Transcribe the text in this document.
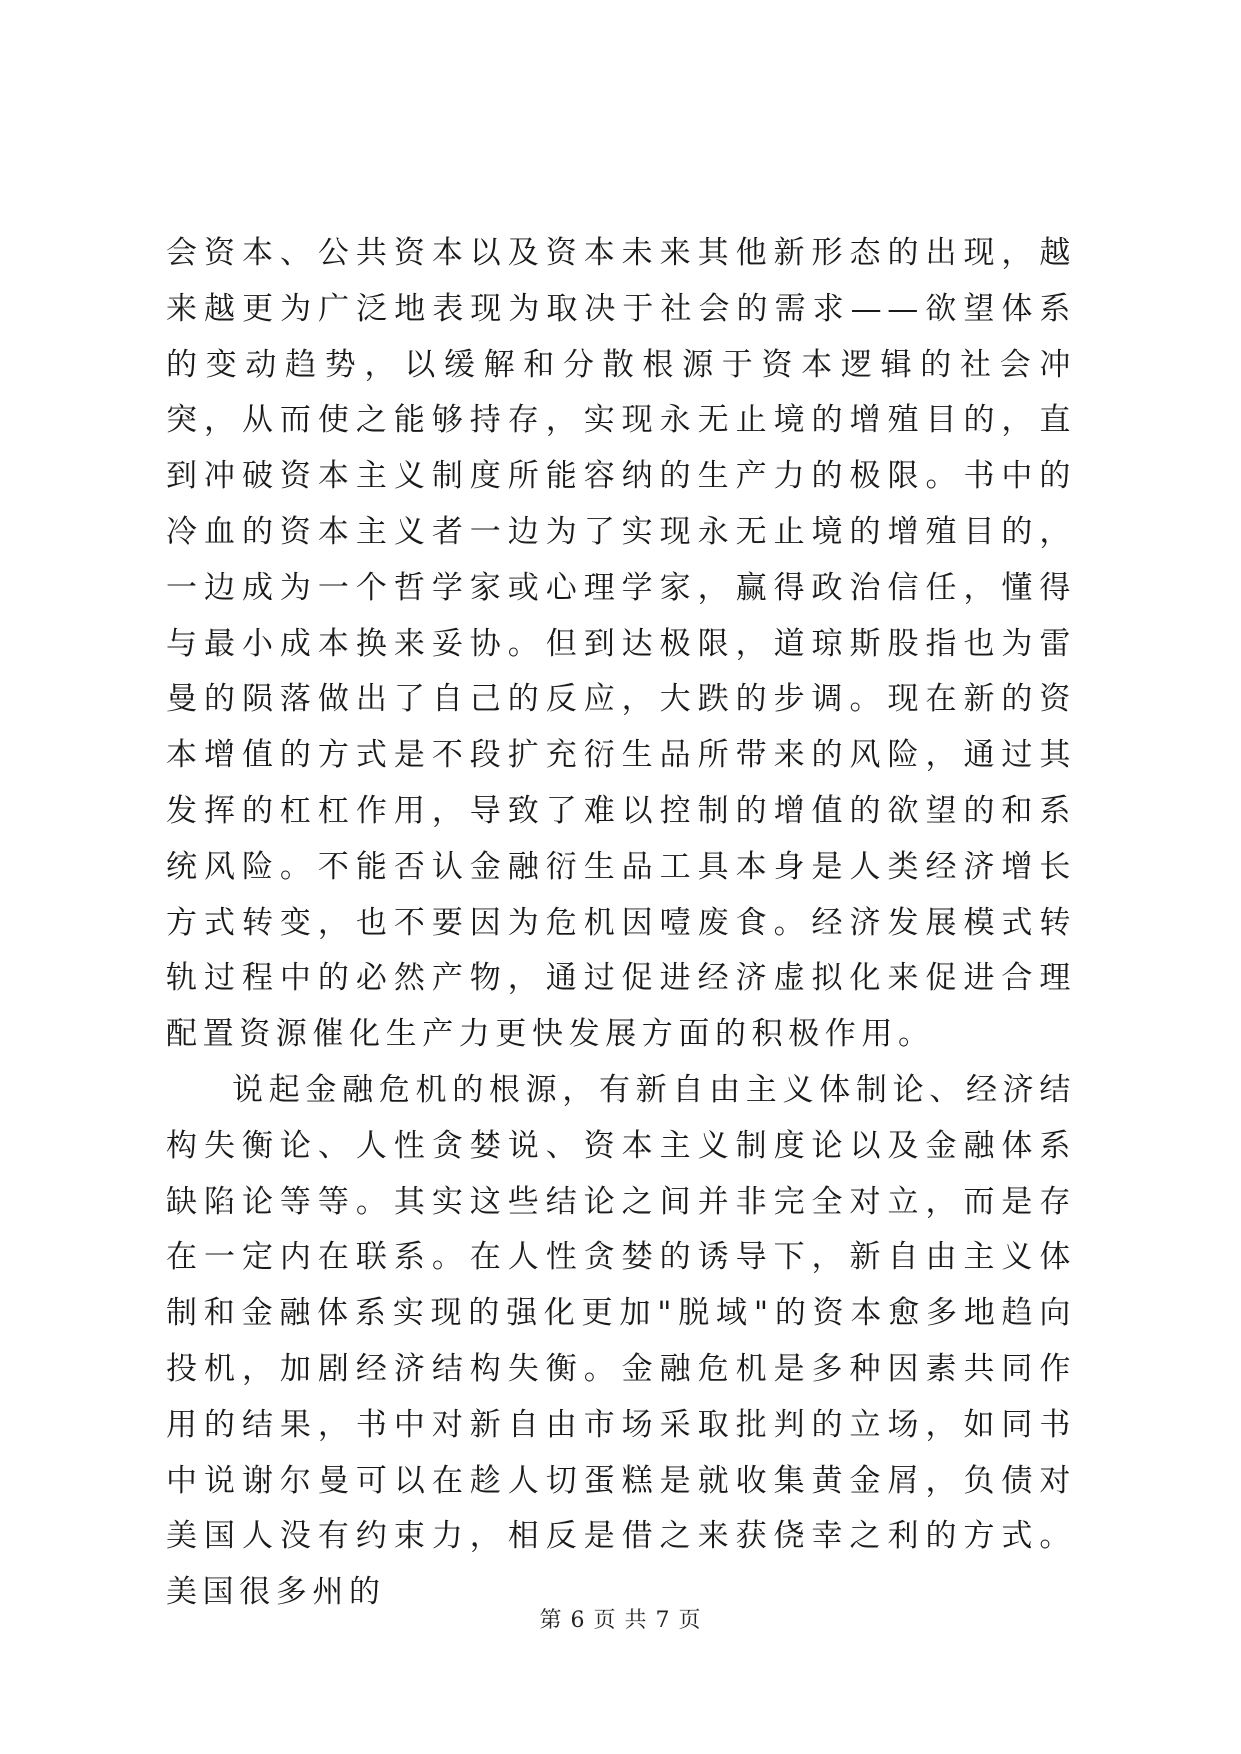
会资本、公共资本以及资本未来其他新形态的出现，越来越更为广泛地表现为取决于社会的需求——欲望体系的变动趋势，以缓解和分散根源于资本逻辑的社会冲突，从而使之能够持存，实现永无止境的增殖目的，直到冲破资本主义制度所能容纳的生产力的极限。书中的冷血的资本主义者一边为了实现永无止境的增殖目的，一边成为一个哲学家或心理学家，赢得政治信任，懂得与最小成本换来妥协。但到达极限，道琼斯股指也为雷曼的陨落做出了自己的反应，大跌的步调。现在新的资本增值的方式是不段扩充衍生品所带来的风险，通过其发挥的杠杠作用，导致了难以控制的增值的欲望的和系统风险。不能否认金融衍生品工具本身是人类经济增长方式转变，也不要因为危机因噎废食。经济发展模式转轨过程中的必然产物，通过促进经济虚拟化来促进合理配置资源催化生产力更快发展方面的积极作用。

说起金融危机的根源，有新自由主义体制论、经济结构失衡论、人性贪婪说、资本主义制度论以及金融体系缺陷论等等。其实这些结论之间并非完全对立，而是存在一定内在联系。在人性贪婪的诱导下，新自由主义体制和金融体系实现的强化更加"脱域"的资本愈多地趋向投机，加剧经济结构失衡。金融危机是多种因素共同作用的结果，书中对新自由市场采取批判的立场，如同书中说谢尔曼可以在趁人切蛋糕是就收集黄金屑，负债对美国人没有约束力，相反是借之来获侥幸之利的方式。美国很多州的

第 6 页 共 7 页
